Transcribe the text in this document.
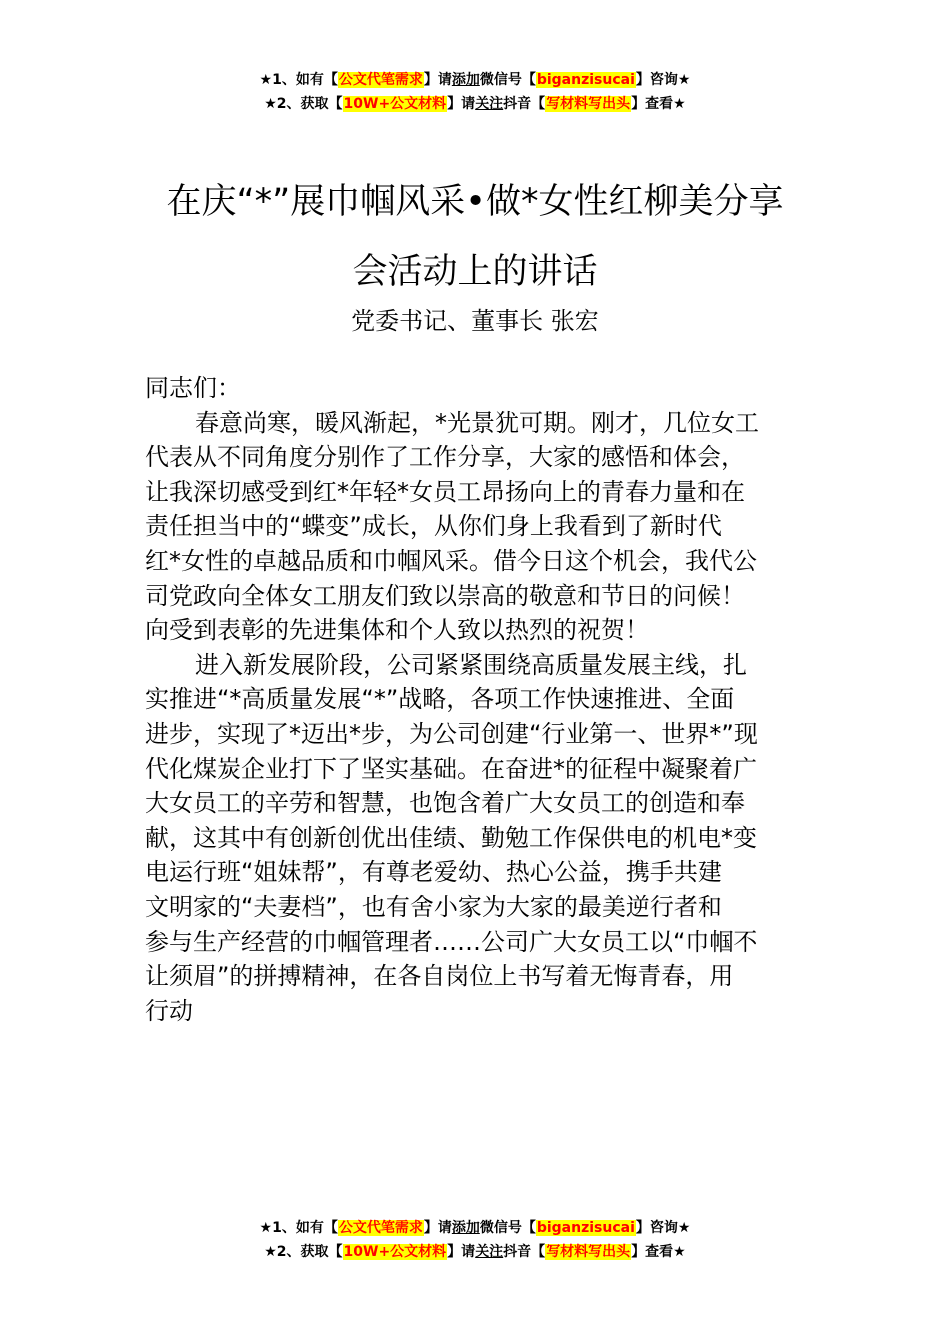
★1、如有【公文代笔需求】请添加微信号【biganzisucai】咨询★
★2、获取【10W+公文材料】请关注抖音【写材料写出头】查看★
在庆“*”展巾帼风采•做*女性红柳美分享
会活动上的讲话
党委书记、董事长 张宏
同志们：
春意尚寒，暖风渐起，*光景犹可期。刚才，几位女工
代表从不同角度分别作了工作分享，大家的感悟和体会，
让我深切感受到红*年轻*女员工昂扬向上的青春力量和在
责任担当中的“蝶变”成长，从你们身上我看到了新时代
红*女性的卓越品质和巾帼风采。借今日这个机会，我代公
司党政向全体女工朋友们致以崇高的敬意和节日的问候！
向受到表彰的先进集体和个人致以热烈的祝贺！
进入新发展阶段，公司紧紧围绕高质量发展主线，扎
实推进“*高质量发展“*”战略，各项工作快速推进、全面
进步，实现了*迈出*步，为公司创建“行业第一、世界*”现
代化煤炭企业打下了坚实基础。在奋进*的征程中凝聚着广
大女员工的辛劳和智慧，也饱含着广大女员工的创造和奉
献，这其中有创新创优出佳绩、勤勉工作保供电的机电*变
电运行班“姐妹帮”，有尊老爱幼、热心公益，携手共建
文明家的“夫妻档”，也有舍小家为大家的最美逆行者和
参与生产经营的巾帼管理者……公司广大女员工以“巾帼不
让须眉”的拼搏精神，在各自岗位上书写着无悔青春，用
行动
★1、如有【公文代笔需求】请添加微信号【biganzisucai】咨询★
★2、获取【10W+公文材料】请关注抖音【写材料写出头】查看★
